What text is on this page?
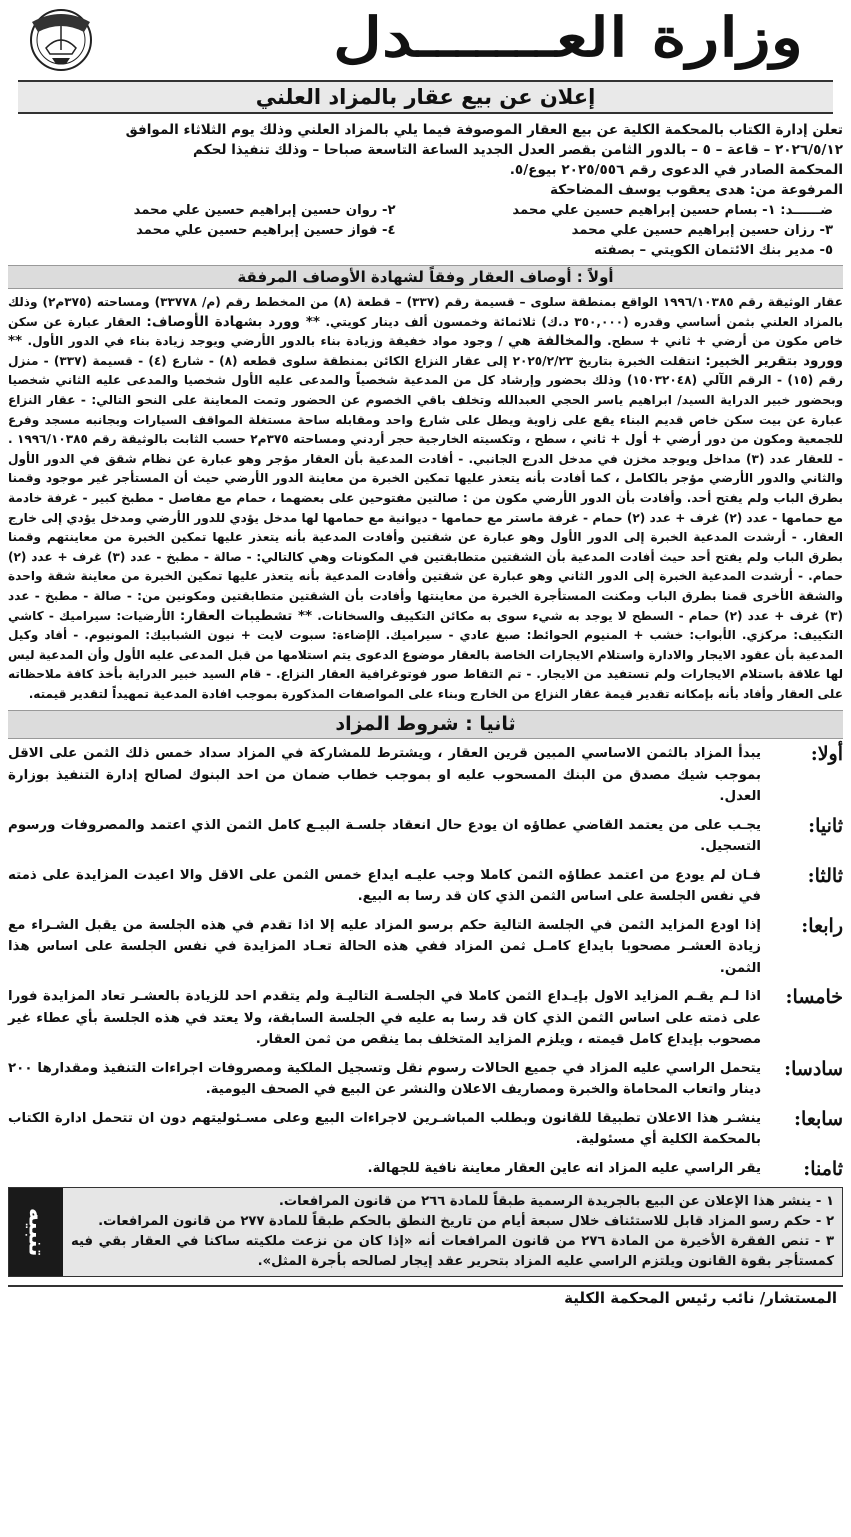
وزارة العـــــــدل
إعلان عن بيع عقار بالمزاد العلني

تعلن إدارة الكتاب بالمحكمة الكلية عن بيع العقار الموصوفة فيما يلي بالمزاد العلني وذلك يوم الثلاثاء الموافق

٢٠٢٦/٥/١٢ – قاعة – ٥ – بالدور الثامن بقصر العدل الجديد الساعة التاسعة صباحا – وذلك تنفيذا لحكم

المحكمة الصادر في الدعوى رقم ٢٠٢٥/٥٥٦ بيوع/٥.

المرفوعة من: هدى يعقوب يوسف المضاحكة

ضــــــد: ١- بسام حسين إبراهيم حسين علي محمد
٢- روان حسين إبراهيم حسين علي محمد
٣- رزان حسين إبراهيم حسين علي محمد
٤- فواز حسين إبراهيم حسين علي محمد
٥- مدير بنك الائتمان الكويتي – بصفته
أولاً : أوصاف العقار وفقاً لشهادة الأوصاف المرفقة

عقار الوثيقة رقم ١٩٩٦/١٠٣٨٥ الواقع بمنطقة سلوى – قسيمة رقم (٣٣٧) – قطعة (٨) من المخطط رقم (م/ ٣٣٧٧٨) ومساحته (٣٧٥م٢) وذلك بالمزاد العلني بثمن أساسي وقدره (٣٥٠,٠٠٠ د.ك) ثلاثمائة وخمسون ألف دينار كويتي. ** وورد بشهادة الأوصاف: العقار عبارة عن سكن خاص مكون من أرضي + ثاني + سطح. والمخالفة هي / وجود مواد خفيفة وزيادة بناء بالدور الأرضي ويوجد زيادة بناء في الدور الأول. ** وورود بتقرير الخبير: انتقلت الخبرة بتاريخ ٢٠٢٥/٢/٢٣ إلى عقار النزاع الكائن بمنطقة سلوى قطعه (٨) - شارع (٤) - قسيمة (٣٣٧) - منزل رقم (١٥) - الرقم الآلي (١٥٠٣٢٠٤٨) وذلك بحضور وإرشاد كل من المدعية شخصياً والمدعى عليه الأول شخصيا والمدعى عليه الثاني شخصيا وبحضور خبير الدراية السيد/ ابراهيم ياسر الحجي العبدالله وتخلف باقي الخصوم عن الحضور وتمت المعاينة على النحو التالي: - عقار النزاع عبارة عن بيت سكن خاص قديم البناء يقع على زاوية ويطل على شارع واحد ومقابله ساحة مستغلة المواقف السيارات وبجانبه مسجد وفرع للجمعية ومكون من دور أرضي + أول + ثاني ، سطح ، وتكسيته الخارجية حجر أردني ومساحته ٣٧٥م٢ حسب الثابت بالوثيقة رقم ١٩٩٦/١٠٣٨٥ . - للعقار عدد (٣) مداخل ويوجد مخزن في مدخل الدرج الجانبي. - أفادت المدعية بأن العقار مؤجر وهو عبارة عن نظام شقق في الدور الأول والثاني والدور الأرضي مؤجر بالكامل ، كما أفادت بأنه يتعذر عليها تمكين الخبرة من معاينة الدور الأرضي حيث أن المستأجر غير موجود وقمنا بطرق الباب ولم يفتح أحد. وأفادت بأن الدور الأرضي مكون من : صالتين مفتوحين على بعضهما ، حمام مع مفاصل - مطبخ كبير - غرفة خادمة مع حمامها - عدد (٢) غرف + عدد (٢) حمام - غرفة ماستر مع حمامها - ديوانية مع حمامها لها مدخل يؤدي للدور الأرضي ومدخل يؤدي إلى خارج العقار. - أرشدت المدعية الخبرة إلى الدور الأول وهو عبارة عن شقتين وأفادت المدعية بأنه يتعذر عليها تمكين الخبرة من معاينتهم وقمنا بطرق الباب ولم يفتح أحد حيث أفادت المدعية بأن الشقتين متطابقتين في المكونات وهي كالتالي: - صالة - مطبخ - عدد (٣) غرف + عدد (٢) حمام. - أرشدت المدعية الخبرة إلى الدور الثاني وهو عبارة عن شقتين وأفادت المدعية بأنه يتعذر عليها تمكين الخبرة من معاينة شقة واحدة والشقة الأخرى قمنا بطرق الباب ومكنت المستأجرة الخبرة من معاينتها وأفادت بأن الشقتين متطابقتين ومكونين من: - صالة - مطبخ - عدد (٣) غرف + عدد (٢) حمام - السطح لا يوجد به شيء سوى به مكائن التكييف والسخانات. ** تشطيبات العقار: الأرضيات: سيراميك - كاشي التكييف: مركزي. الأبواب: خشب + المنيوم الحوائط: صبغ عادي - سيراميك. الإضاءة: سبوت لايت + نيون الشبابيك: المونيوم. - أفاد وكيل المدعية بأن عقود الايجار والادارة واستلام الايجارات الخاصة بالعقار موضوع الدعوى يتم استلامها من قبل المدعى عليه الأول وأن المدعية ليس لها علاقة باستلام الايجارات ولم تستفيد من الايجار. - تم التقاط صور فوتوغرافية العقار النزاع. - قام السيد خبير الدراية بأخذ كافة ملاحظاته على العقار وأفاد بأنه بإمكانه تقدير قيمة عقار النزاع من الخارج وبناء على المواصفات المذكورة بموجب افادة المدعية تمهيداً لتقدير قيمته.

ثانيا : شروط المزاد
أولا:
يبدأ المزاد بالثمن الاساسي المبين قرين العقار ، ويشترط للمشاركة في المزاد سداد خمس ذلك الثمن على الاقل بموجب شيك مصدق من البنك المسحوب عليه او بموجب خطاب ضمان من احد البنوك لصالح إدارة التنفيذ بوزارة العدل.
ثانيا:
يجـب على من يعتمد القاضي عطاؤه ان يودع حال انعقاد جلسـة البيـع كامل الثمن الذي اعتمد والمصروفات ورسوم التسجيل.
ثالثا:
فـان لم يودع من اعتمد عطاؤه الثمن كاملا وجب عليـه ايداع خمس الثمن على الاقل والا اعيدت المزايدة على ذمته في نفس الجلسة على اساس الثمن الذي كان قد رسا به البيع.
رابعا:
إذا اودع المزايد الثمن في الجلسة التالية حكم برسو المزاد عليه إلا اذا تقدم في هذه الجلسة من يقبل الشـراء مع زيادة العشـر مصحوبا بايداع كامـل ثمن المزاد ففي هذه الحالة تعـاد المزايدة في نفس الجلسة على اساس هذا الثمن.
خامسا:
اذا لـم يقـم المزايد الاول بإيـداع الثمن كاملا في الجلسـة التاليـة ولم يتقدم احد للزيادة بالعشـر تعاد المزايدة فورا على ذمته على اساس الثمن الذي كان قد رسا به عليه في الجلسة السابقة، ولا يعتد في هذه الجلسة بأي عطاء غير مصحوب بإيداع كامل قيمته ، ويلزم المزايد المتخلف بما ينقص من ثمن العقار.
سادسا:
يتحمل الراسي عليه المزاد في جميع الحالات رسوم نقل وتسجيل الملكية ومصروفات اجراءات التنفيذ ومقدارها ٢٠٠ دينار واتعاب المحاماة والخبرة ومصاريف الاعلان والنشر عن البيع في الصحف اليومية.
سابعا:
ينشـر هذا الاعلان تطبيقا للقانون وبطلب المباشـرين لاجراءات البيع وعلى مسـئوليتهم دون ان تتحمل ادارة الكتاب بالمحكمة الكلية أي مسئولية.
ثامنا:
يقر الراسي عليه المزاد انه عاين العقار معاينة نافية للجهالة.

١ - ينشر هذا الإعلان عن البيع بالجريدة الرسمية طبقاً للمادة ٢٦٦ من قانون المرافعات.

٢ - حكم رسو المزاد قابل للاستئناف خلال سبعة أيام من تاريخ النطق بالحكم طبقاً للمادة ٢٧٧ من قانون المرافعات.

٣ - تنص الفقرة الأخيرة من المادة ٢٧٦ من قانون المرافعات أنه «إذا كان من نزعت ملكيته ساكنا في العقار بقي فيه كمستأجر بقوة القانون ويلتزم الراسي عليه المزاد بتحرير عقد إيجار لصالحه بأجرة المثل».

تنبيه
المستشار/ نائب رئيس المحكمة الكلية
